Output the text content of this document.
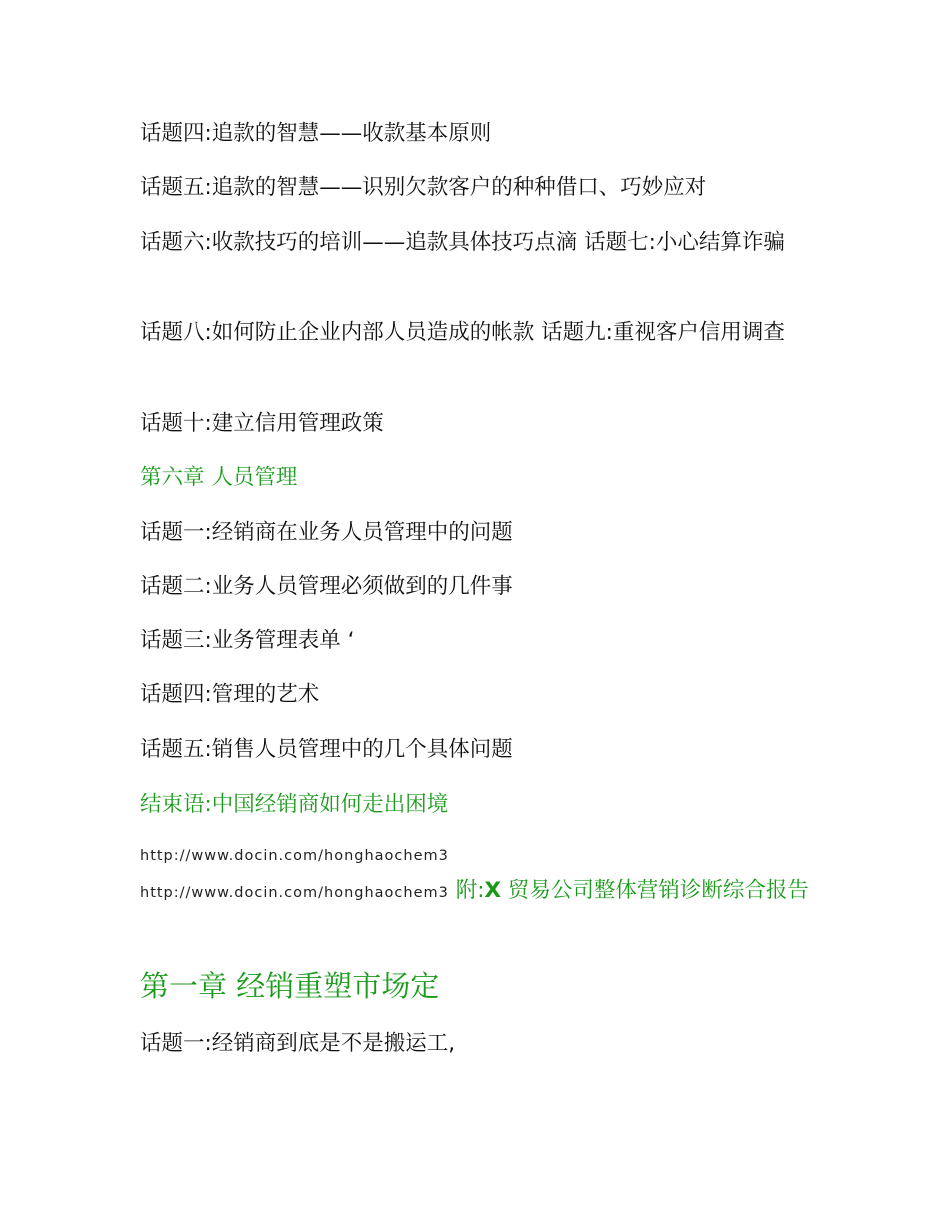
话题四:追款的智慧——收款基本原则
话题五:追款的智慧——识别欠款客户的种种借口、巧妙应对
话题六:收款技巧的培训——追款具体技巧点滴 话题七:小心结算诈骗
话题八:如何防止企业内部人员造成的帐款 话题九:重视客户信用调查
话题十:建立信用管理政策
第六章 人员管理
话题一:经销商在业务人员管理中的问题
话题二:业务人员管理必须做到的几件事
话题三:业务管理表单 ‘
话题四:管理的艺术
话题五:销售人员管理中的几个具体问题
结束语:中国经销商如何走出困境
http://www.docin.com/honghaochem3
http://www.docin.com/honghaochem3 附:X 贸易公司整体营销诊断综合报告
第一章 经销重塑市场定
话题一:经销商到底是不是搬运工,
